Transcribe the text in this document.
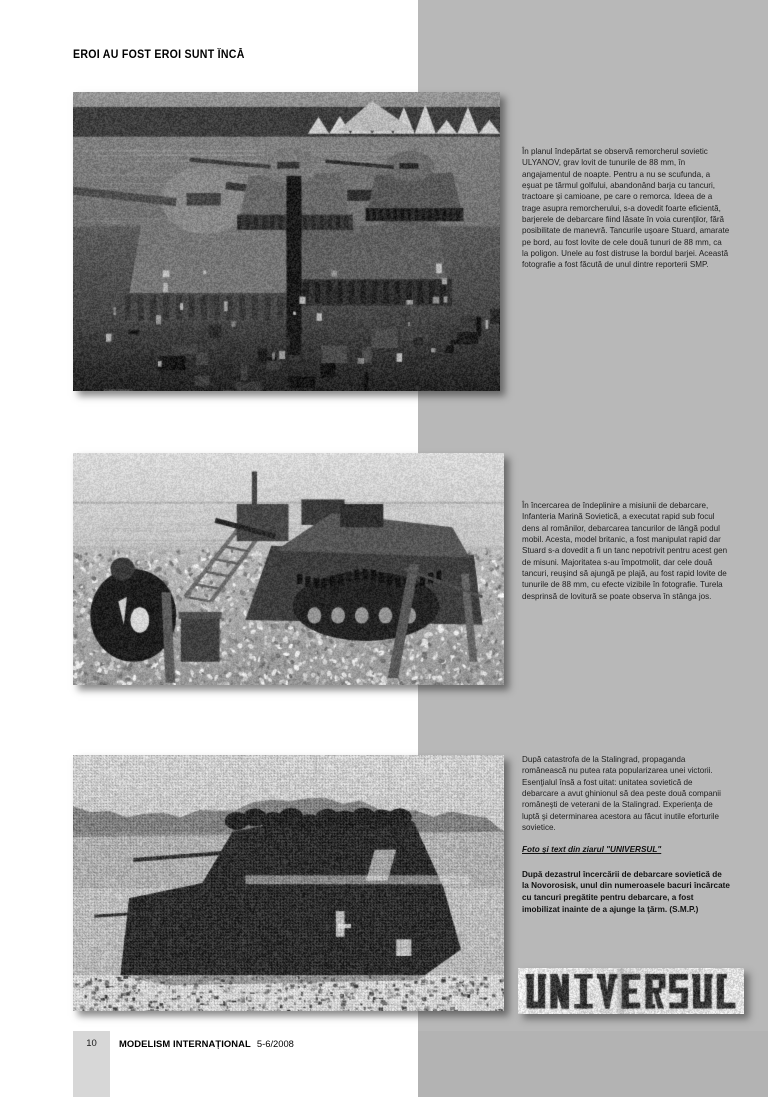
EROI AU FOST EROI SUNT ÎNCĂ

În planul îndepărtat se observă remorcherul sovietic ULYANOV, grav lovit de tunurile de 88 mm, în angajamentul de noapte. Pentru a nu se scufunda, a eşuat pe tărmul golfului, abandonând barja cu tancuri, tractoare şi camioane, pe care o remorca. Ideea de a trage asupra remorcherului, s-a dovedit foarte eficientă, barjerele de debarcare fiind lăsate în voia curenţilor, fără posibilitate de manevră. Tancurile uşoare Stuard, amarate pe bord, au fost lovite de cele două tunuri de 88 mm, ca la poligon. Unele au fost distruse la bordul barjei. Această fotografie a fost făcută de unul dintre reporterii SMP.

În încercarea de îndeplinire a misiunii de debarcare, Infanteria Marină Sovietică, a executat rapid sub focul dens al românilor, debarcarea tancurilor de lângă podul mobil. Acesta, model britanic, a fost manipulat rapid dar Stuard s-a dovedit a fi un tanc nepotrivit pentru acest gen de misuni. Majoritatea s-au împotmolit, dar cele două tancuri, reuşind să ajungă pe plajă, au fost rapid lovite de tunurile de 88 mm, cu efecte vizibile în fotografie. Turela desprinsă de lovitură se poate observa în stânga jos.

După catastrofa de la Stalingrad, propaganda românească nu putea rata popularizarea unei victorii. Esenţialul însă a fost uitat: unitatea sovietică de debarcare a avut ghinionul să dea peste două companii româneşti de veterani de la Stalingrad. Experienţa de luptă şi determinarea acestora au făcut inutile eforturile sovietice.

Foto şi text din ziarul "UNIVERSUL"

După dezastrul încercării de debarcare sovietică de la Novorosisk, unul din numeroasele bacuri încărcate cu tancuri pregătite pentru debarcare, a fost imobilizat inainte de a ajunge la ţărm. (S.M.P.)

10	MODELISM INTERNAȚIONAL 5-6/2008
